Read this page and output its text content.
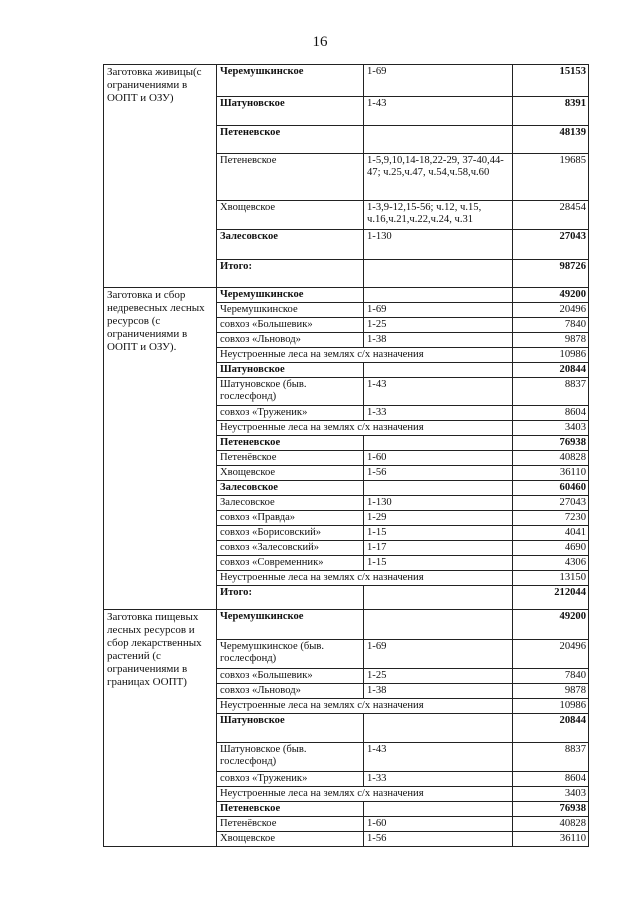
16
Заготовка живицы(с ограничениями в ООПТ и ОЗУ)	Черемушкинское	1-69	15153
	Шатуновское	1-43	8391
	Петеневское		48139
	Петеневское	1-5,9,10,14-18,22-29, 37-40,44-47; ч.25,ч.47, ч.54,ч.58,ч.60	19685
	Хвощевское	1-3,9-12,15-56; ч.12, ч.15, ч.16,ч.21,ч.22,ч.24, ч.31	28454
	Залесовское	1-130	27043
	Итого:		98726
Заготовка и сбор недревесных лесных ресурсов (с ограничениями в ООПТ и ОЗУ).	Черемушкинское		49200
	Черемушкинское	1-69	20496
	совхоз «Большевик»	1-25	7840
	совхоз «Льновод»	1-38	9878
	Неустроенные леса на землях с/х назначения		10986
	Шатуновское		20844
	Шатуновское (быв. гослесфонд)	1-43	8837
	совхоз «Труженик»	1-33	8604
	Неустроенные леса на землях с/х назначения		3403
	Петеневское		76938
	Петенёвское	1-60	40828
	Хвощевское	1-56	36110
	Залесовское		60460
	Залесовское	1-130	27043
	совхоз «Правда»	1-29	7230
	совхоз «Борисовский»	1-15	4041
	совхоз «Залесовский»	1-17	4690
	совхоз «Современник»	1-15	4306
	Неустроенные леса на землях с/х назначения		13150
	Итого:		212044
Заготовка пищевых лесных ресурсов и сбор лекарственных растений (с ограничениями в границах ООПТ)	Черемушкинское		49200
	Черемушкинское (быв. гослесфонд)	1-69	20496
	совхоз «Большевик»	1-25	7840
	совхоз «Льновод»	1-38	9878
	Неустроенные леса на землях с/х назначения		10986
	Шатуновское		20844
	Шатуновское (быв. гослесфонд)	1-43	8837
	совхоз «Труженик»	1-33	8604
	Неустроенные леса на землях с/х назначения		3403
	Петеневское		76938
	Петенёвское	1-60	40828
	Хвощевское	1-56	36110
